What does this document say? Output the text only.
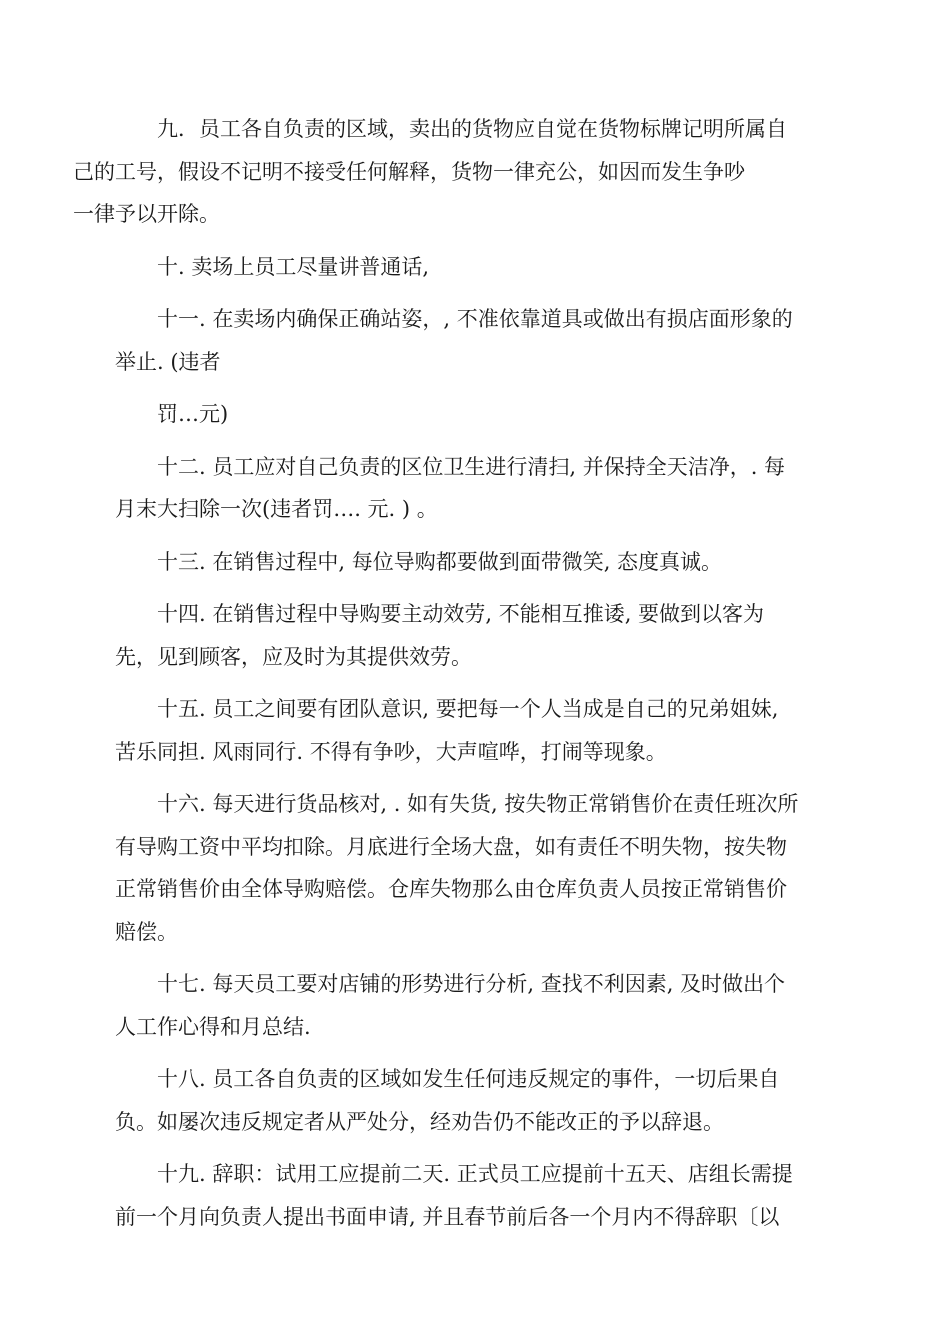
九．员工各自负责的区域，卖出的货物应自觉在货物标牌记明所属自
己的工号，假设不记明不接受任何解释，货物一律充公，如因而发生争吵
一律予以开除。

十. 卖场上员工尽量讲普通话,

十一. 在卖场内确保正确站姿，, 不准依靠道具或做出有损店面形象的
举止. (违者

罚…元)

十二. 员工应对自己负责的区位卫生进行清扫, 并保持全天洁净，. 每
月末大扫除一次(违者罚…. 元. ) 。

十三. 在销售过程中, 每位导购都要做到面带微笑, 态度真诚。

十四. 在销售过程中导购要主动效劳, 不能相互推诿, 要做到以客为
先，见到顾客，应及时为其提供效劳。

十五. 员工之间要有团队意识, 要把每一个人当成是自己的兄弟姐妹,
苦乐同担. 风雨同行. 不得有争吵，大声喧哗，打闹等现象。

十六. 每天进行货品核对, . 如有失货, 按失物正常销售价在责任班次所
有导购工资中平均扣除。月底进行全场大盘，如有责任不明失物，按失物
正常销售价由全体导购赔偿。仓库失物那么由仓库负责人员按正常销售价
赔偿。

十七. 每天员工要对店铺的形势进行分析, 查找不利因素, 及时做出个
人工作心得和月总结.

十八. 员工各自负责的区域如发生任何违反规定的事件，一切后果自
负。如屡次违反规定者从严处分，经劝告仍不能改正的予以辞退。

十九. 辞职：试用工应提前二天. 正式员工应提前十五天、店组长需提
前一个月向负责人提出书面申请, 并且春节前后各一个月内不得辞职〔以
